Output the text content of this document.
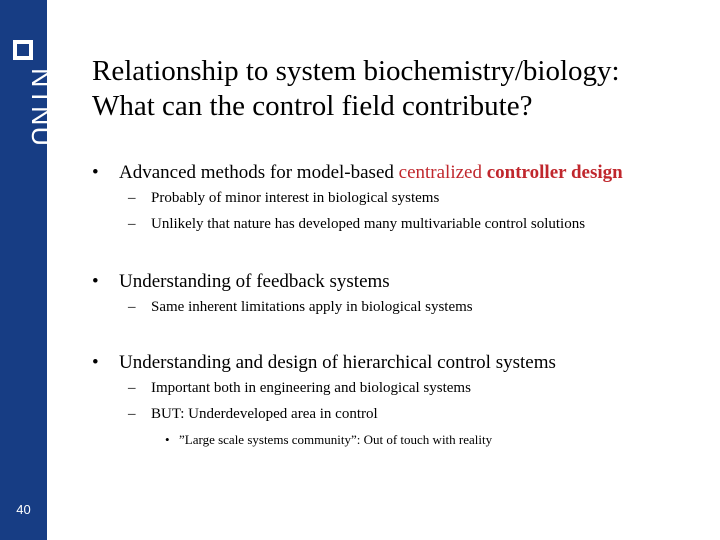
NTNU
40
Relationship to system biochemistry/biology:
What can the control field contribute?
• Advanced methods for model-based centralized controller design
– Probably of minor interest in biological systems
– Unlikely that nature has developed many multivariable control solutions
• Understanding of feedback systems
– Same inherent limitations apply in biological systems
• Understanding and design of hierarchical control systems
– Important both in engineering and biological systems
– BUT: Underdeveloped area in control
• ”Large scale systems community”: Out of touch with reality
